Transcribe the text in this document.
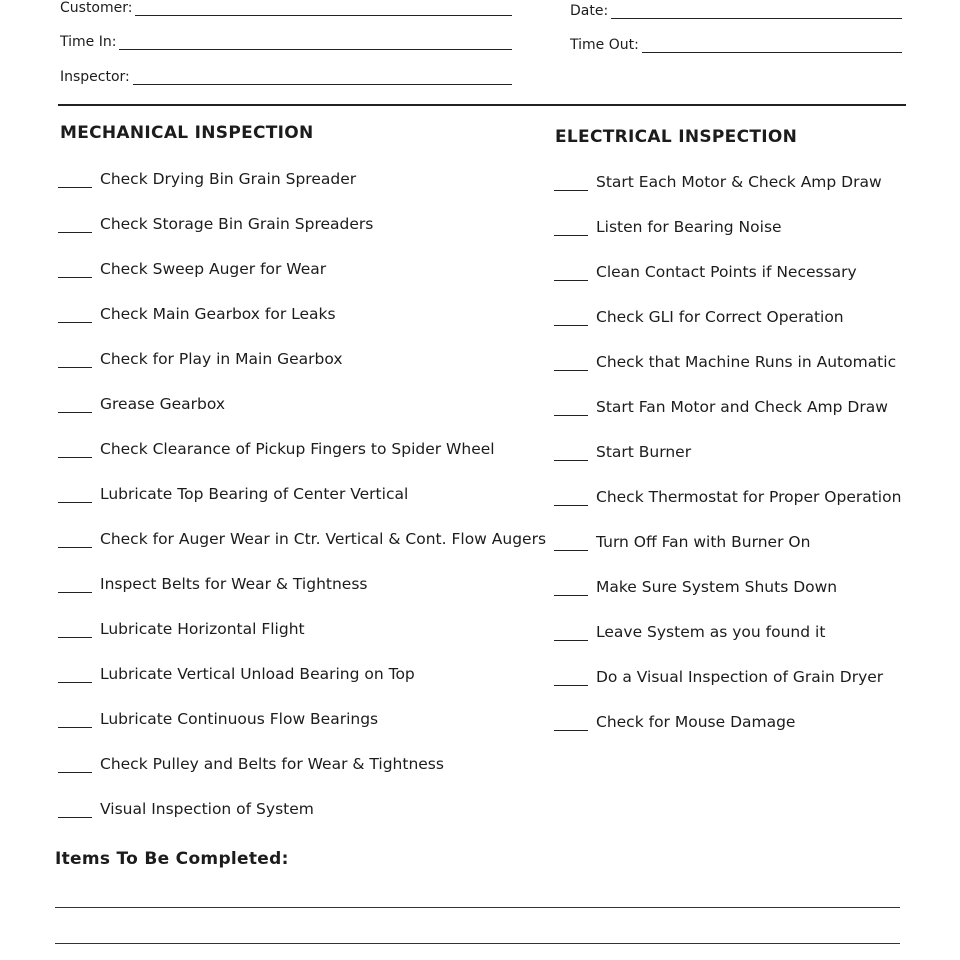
Customer:	Date:
Time In:	Time Out:
Inspector:
MECHANICAL INSPECTION	ELECTRICAL INSPECTION
Check Drying Bin Grain Spreader
Check Storage Bin Grain Spreaders
Check Sweep Auger for Wear
Check Main Gearbox for Leaks
Check for Play in Main Gearbox
Grease Gearbox
Check Clearance of Pickup Fingers to Spider Wheel
Lubricate Top Bearing of Center Vertical
Check for Auger Wear in Ctr. Vertical & Cont. Flow Augers
Inspect Belts for Wear & Tightness
Lubricate Horizontal Flight
Lubricate Vertical Unload Bearing on Top
Lubricate Continuous Flow Bearings
Check Pulley and Belts for Wear & Tightness
Visual Inspection of System
Start Each Motor & Check Amp Draw
Listen for Bearing Noise
Clean Contact Points if Necessary
Check GLI for Correct Operation
Check that Machine Runs in Automatic
Start Fan Motor and Check Amp Draw
Start Burner
Check Thermostat for Proper Operation
Turn Off Fan with Burner On
Make Sure System Shuts Down
Leave System as you found it
Do a Visual Inspection of Grain Dryer
Check for Mouse Damage
Items To Be Completed:
